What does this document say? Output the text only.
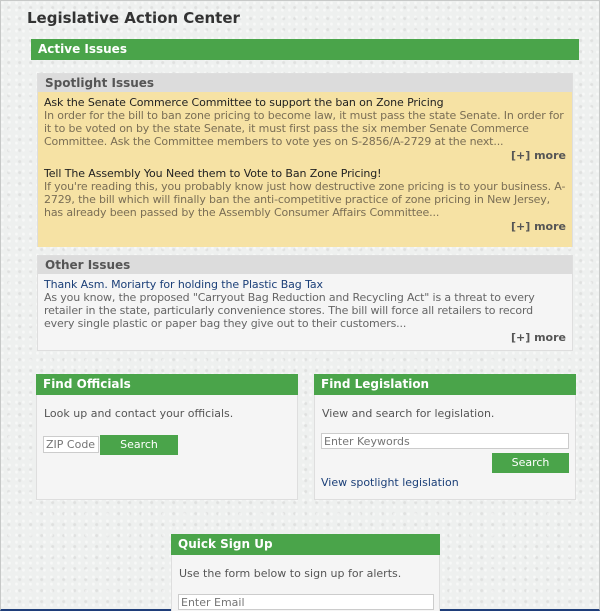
Legislative Action Center
Active Issues
Spotlight Issues
Ask the Senate Commerce Committee to support the ban on Zone Pricing
In order for the bill to ban zone pricing to become law, it must pass the state Senate. In order for it to be voted on by the state Senate, it must first pass the six member Senate Commerce Committee. Ask the Committee members to vote yes on S-2856/A-2729 at the next...
[+] more
Tell The Assembly You Need them to Vote to Ban Zone Pricing!
If you're reading this, you probably know just how destructive zone pricing is to your business. A-2729, the bill which will finally ban the anti-competitive practice of zone pricing in New Jersey, has already been passed by the Assembly Consumer Affairs Committee...
[+] more
Other Issues
Thank Asm. Moriarty for holding the Plastic Bag Tax
As you know, the proposed "Carryout Bag Reduction and Recycling Act" is a threat to every retailer in the state, particularly convenience stores. The bill will force all retailers to record every single plastic or paper bag they give out to their customers...
[+] more
Find Officials
Look up and contact your officials.
ZIP Code
Search
Find Legislation
View and search for legislation.
Enter Keywords
Search
View spotlight legislation
Quick Sign Up
Use the form below to sign up for alerts.
Enter Email
